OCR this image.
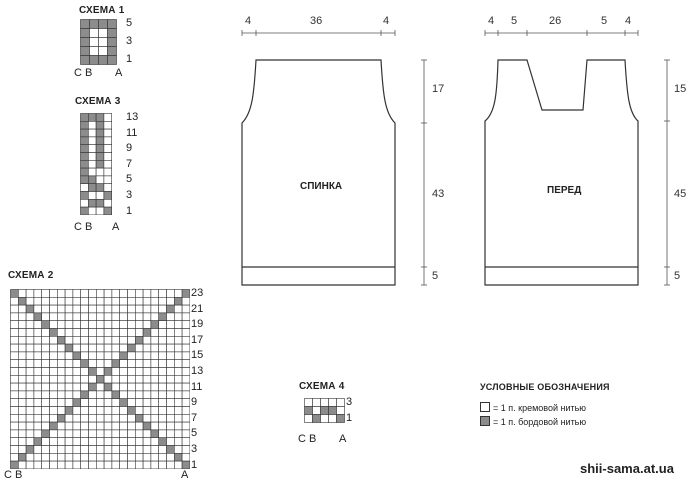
СХЕМА 1
5
3
1
С В А
СХЕМА 3
13
11
9
7
5
3
1
С В А
СХЕМА 2
23
21
19
17
15
13
11
9
7
5
3
1
С В	А
СХЕМА 4
3
1
С В А
УСЛОВНЫЕ ОБОЗНАЧЕНИЯ
= 1 п. кремовой нитью
= 1 п. бордовой нитью
4	36	4
17
43
5
СПИНКА
4 5	26	5 4
15
45
5
ПЕРЕД
shii-sama.at.ua
